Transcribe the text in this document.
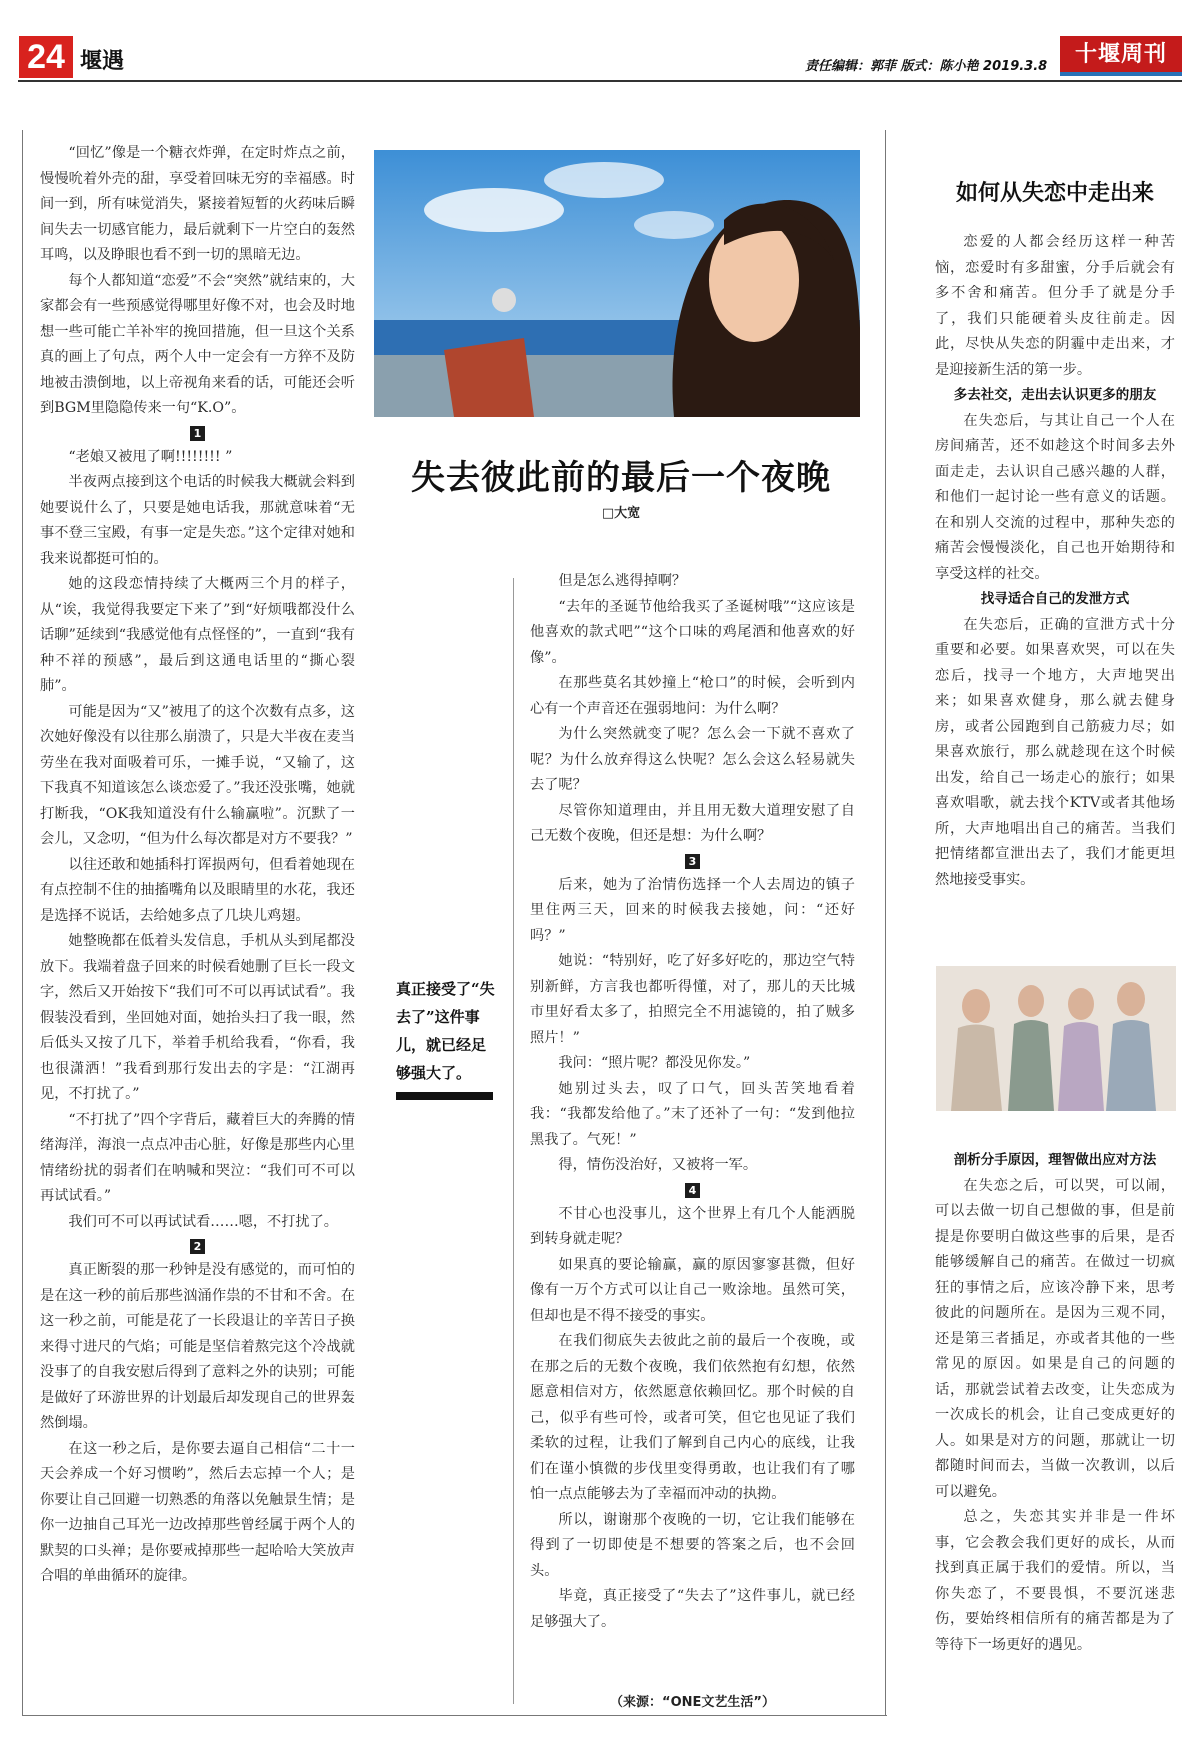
24 堰遇	责任编辑：郭菲 版式：陈小艳 2019.3.8	十堰周刊

“回忆”像是一个糖衣炸弹，在定时炸点之前，慢慢吮着外壳的甜，享受着回味无穷的幸福感。时间一到，所有味觉消失，紧接着短暂的火药味后瞬间失去一切感官能力，最后就剩下一片空白的轰然耳鸣，以及睁眼也看不到一切的黑暗无边。

每个人都知道“恋爱”不会“突然”就结束的，大家都会有一些预感觉得哪里好像不对，也会及时地想一些可能亡羊补牢的挽回措施，但一旦这个关系真的画上了句点，两个人中一定会有一方猝不及防地被击溃倒地，以上帝视角来看的话，可能还会听到BGM里隐隐传来一句“K.O”。

1

“老娘又被甩了啊!!!!!!!! ”

半夜两点接到这个电话的时候我大概就会料到她要说什么了，只要是她电话我，那就意味着“无事不登三宝殿，有事一定是失恋。”这个定律对她和我来说都挺可怕的。

她的这段恋情持续了大概两三个月的样子，从“诶，我觉得我要定下来了”到“好烦哦都没什么话聊”延续到“我感觉他有点怪怪的”，一直到“我有种不祥的预感”，最后到这通电话里的“撕心裂肺”。

可能是因为“又”被甩了的这个次数有点多，这次她好像没有以往那么崩溃了，只是大半夜在麦当劳坐在我对面吸着可乐，一摊手说，“又输了，这下我真不知道该怎么谈恋爱了。”我还没张嘴，她就打断我，“OK我知道没有什么输赢啦”。沉默了一会儿，又念叨，“但为什么每次都是对方不要我？”

以往还敢和她插科打诨损两句，但看着她现在有点控制不住的抽搐嘴角以及眼睛里的水花，我还是选择不说话，去给她多点了几块儿鸡翅。

她整晚都在低着头发信息，手机从头到尾都没放下。我端着盘子回来的时候看她删了巨长一段文字，然后又开始按下“我们可不可以再试试看”。我假装没看到，坐回她对面，她抬头扫了我一眼，然后低头又按了几下，举着手机给我看，“你看，我也很潇洒！”我看到那行发出去的字是：“江湖再见，不打扰了。”

“不打扰了”四个字背后，藏着巨大的奔腾的情绪海洋，海浪一点点冲击心脏，好像是那些内心里情绪纷扰的弱者们在呐喊和哭泣：“我们可不可以再试试看。”

我们可不可以再试试看……嗯，不打扰了。

2

真正断裂的那一秒钟是没有感觉的，而可怕的是在这一秒的前后那些汹涌作祟的不甘和不舍。在这一秒之前，可能是花了一长段退让的辛苦日子换来得寸进尺的气焰；可能是坚信着熬完这个冷战就没事了的自我安慰后得到了意料之外的诀别；可能是做好了环游世界的计划最后却发现自己的世界轰然倒塌。

在这一秒之后，是你要去逼自己相信“二十一天会养成一个好习惯哟”，然后去忘掉一个人；是你要让自己回避一切熟悉的角落以免触景生情；是你一边抽自己耳光一边改掉那些曾经属于两个人的默契的口头禅；是你要戒掉那些一起哈哈大笑放声合唱的单曲循环的旋律。

失去彼此前的最后一个夜晚
□大宽
真正接受了“失去了”这件事儿，就已经足够强大了。

但是怎么逃得掉啊？

“去年的圣诞节他给我买了圣诞树哦”“这应该是他喜欢的款式吧”“这个口味的鸡尾酒和他喜欢的好像”。

在那些莫名其妙撞上“枪口”的时候，会听到内心有一个声音还在强弱地问：为什么啊？

为什么突然就变了呢？怎么会一下就不喜欢了呢？为什么放弃得这么快呢？怎么会这么轻易就失去了呢？

尽管你知道理由，并且用无数大道理安慰了自己无数个夜晚，但还是想：为什么啊？

3

后来，她为了治情伤选择一个人去周边的镇子里住两三天，回来的时候我去接她，问：“还好吗？”

她说：“特别好，吃了好多好吃的，那边空气特别新鲜，方言我也都听得懂，对了，那儿的天比城市里好看太多了，拍照完全不用滤镜的，拍了贼多照片！”

我问：“照片呢？都没见你发。”

她别过头去，叹了口气，回头苦笑地看着我：“我都发给他了。”末了还补了一句：“发到他拉黑我了。气死！”

得，情伤没治好，又被将一军。

4

不甘心也没事儿，这个世界上有几个人能洒脱到转身就走呢？

如果真的要论输赢，赢的原因寥寥甚微，但好像有一万个方式可以让自己一败涂地。虽然可笑，但却也是不得不接受的事实。

在我们彻底失去彼此之前的最后一个夜晚，或在那之后的无数个夜晚，我们依然抱有幻想，依然愿意相信对方，依然愿意依赖回忆。那个时候的自己，似乎有些可怜，或者可笑，但它也见证了我们柔软的过程，让我们了解到自己内心的底线，让我们在谨小慎微的步伐里变得勇敢，也让我们有了哪怕一点点能够去为了幸福而冲动的执拗。

所以，谢谢那个夜晚的一切，它让我们能够在得到了一切即使是不想要的答案之后，也不会回头。

毕竟，真正接受了“失去了”这件事儿，就已经足够强大了。

（来源：“ONE文艺生活”）
如何从失恋中走出来

恋爱的人都会经历这样一种苦恼，恋爱时有多甜蜜，分手后就会有多不舍和痛苦。但分手了就是分手了，我们只能硬着头皮往前走。因此，尽快从失恋的阴霾中走出来，才是迎接新生活的第一步。

多去社交，走出去认识更多的朋友

在失恋后，与其让自己一个人在房间痛苦，还不如趁这个时间多去外面走走，去认识自己感兴趣的人群，和他们一起讨论一些有意义的话题。在和别人交流的过程中，那种失恋的痛苦会慢慢淡化，自己也开始期待和享受这样的社交。

找寻适合自己的发泄方式

在失恋后，正确的宣泄方式十分重要和必要。如果喜欢哭，可以在失恋后，找寻一个地方，大声地哭出来；如果喜欢健身，那么就去健身房，或者公园跑到自己筋疲力尽；如果喜欢旅行，那么就趁现在这个时候出发，给自己一场走心的旅行；如果喜欢唱歌，就去找个KTV或者其他场所，大声地唱出自己的痛苦。当我们把情绪都宣泄出去了，我们才能更坦然地接受事实。

剖析分手原因，理智做出应对方法

在失恋之后，可以哭，可以闹，可以去做一切自己想做的事，但是前提是你要明白做这些事的后果，是否能够缓解自己的痛苦。在做过一切疯狂的事情之后，应该冷静下来，思考彼此的问题所在。是因为三观不同，还是第三者插足，亦或者其他的一些常见的原因。如果是自己的问题的话，那就尝试着去改变，让失恋成为一次成长的机会，让自己变成更好的人。如果是对方的问题，那就让一切都随时间而去，当做一次教训，以后可以避免。

总之，失恋其实并非是一件坏事，它会教会我们更好的成长，从而找到真正属于我们的爱情。所以，当你失恋了，不要畏惧，不要沉迷悲伤，要始终相信所有的痛苦都是为了等待下一场更好的遇见。
